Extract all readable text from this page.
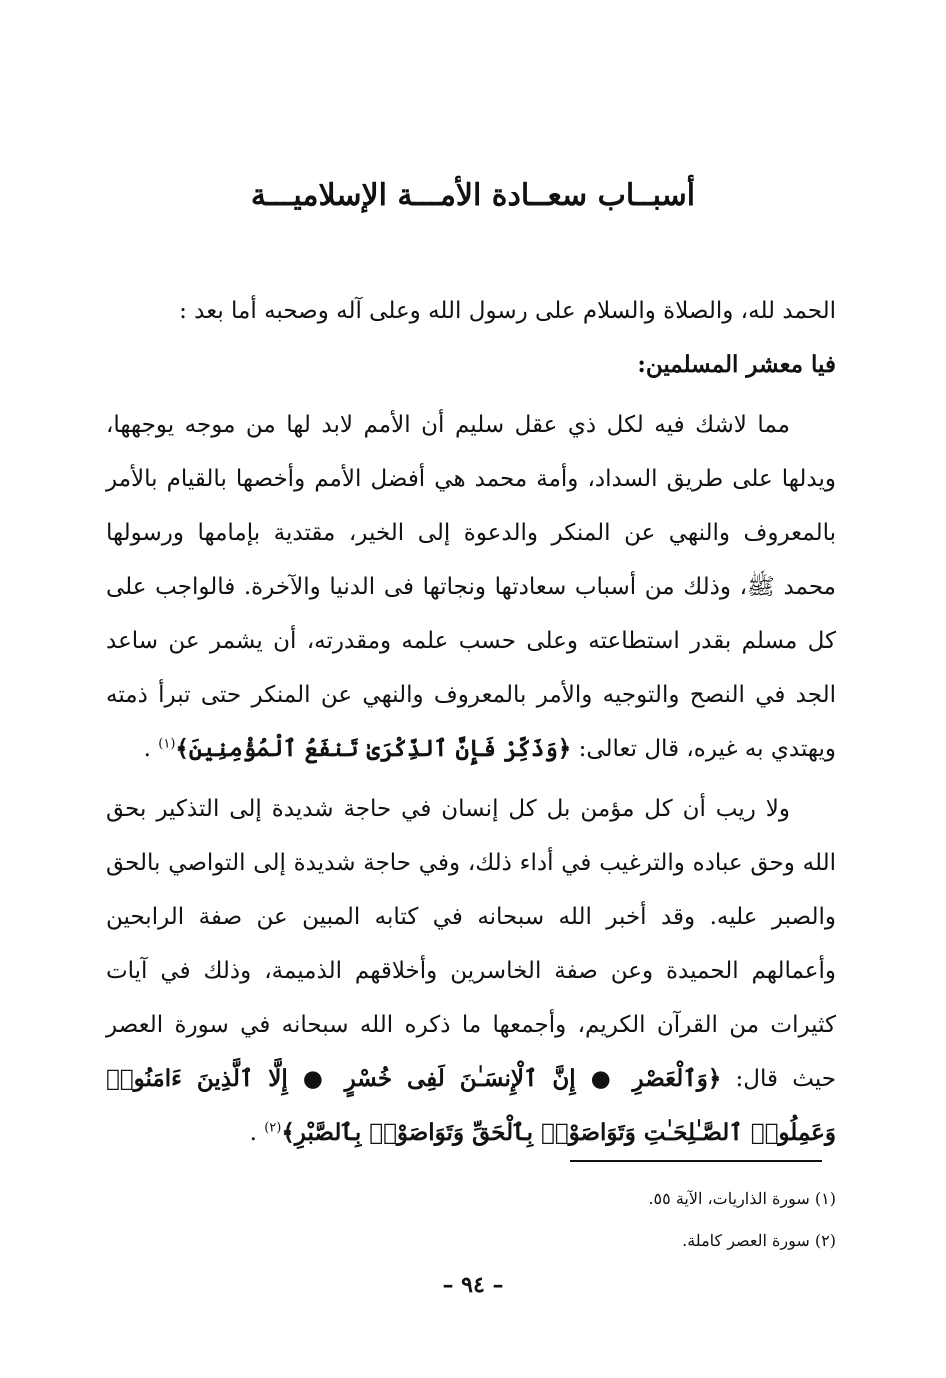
أسبــاب سعــادة الأمـــة الإسلاميـــة

الحمد لله، والصلاة والسلام على رسول الله وعلى آله وصحبه أما بعد :

فيا معشر المسلمين:

مما لاشك فيه لكل ذي عقل سليم أن الأمم لابد لها من موجه يوجهها، ويدلها على طريق السداد، وأمة محمد هي أفضل الأمم وأخصها بالقيام بالأمر بالمعروف والنهي عن المنكر والدعوة إلى الخير، مقتدية بإمامها ورسولها محمد ﷺ، وذلك من أسباب سعادتها ونجاتها فى الدنيا والآخرة. فالواجب على كل مسلم بقدر استطاعته وعلى حسب علمه ومقدرته، أن يشمر عن ساعد الجد في النصح والتوجيه والأمر بالمعروف والنهي عن المنكر حتى تبرأ ذمته ويهتدي به غيره، قال تعالى: ﴿وَذَكِّرْ فَإِنَّ ٱلذِّكْرَىٰ تَنفَعُ ٱلْمُؤْمِنِينَ﴾$^{(١)}$ .

ولا ريب أن كل مؤمن بل كل إنسان في حاجة شديدة إلى التذكير بحق الله وحق عباده والترغيب في أداء ذلك، وفي حاجة شديدة إلى التواصي بالحق والصبر عليه. وقد أخبر الله سبحانه في كتابه المبين عن صفة الرابحين وأعمالهم الحميدة وعن صفة الخاسرين وأخلاقهم الذميمة، وذلك في آيات كثيرات من القرآن الكريم، وأجمعها ما ذكره الله سبحانه في سورة العصر حيث قال: ﴿وَٱلْعَصْرِ ● إِنَّ ٱلْإِنسَـٰنَ لَفِى خُسْرٍ ● إِلَّا ٱلَّذِينَ ءَامَنُوا۟ وَعَمِلُوا۟ ٱلصَّـٰلِحَـٰتِ وَتَوَاصَوْا۟ بِٱلْحَقِّ وَتَوَاصَوْا۟ بِٱلصَّبْرِ﴾$^{(٢)}$ .

(١) سورة الذاريات، الآية ٥٥.

(٢) سورة العصر كاملة.

– ٩٤ –
